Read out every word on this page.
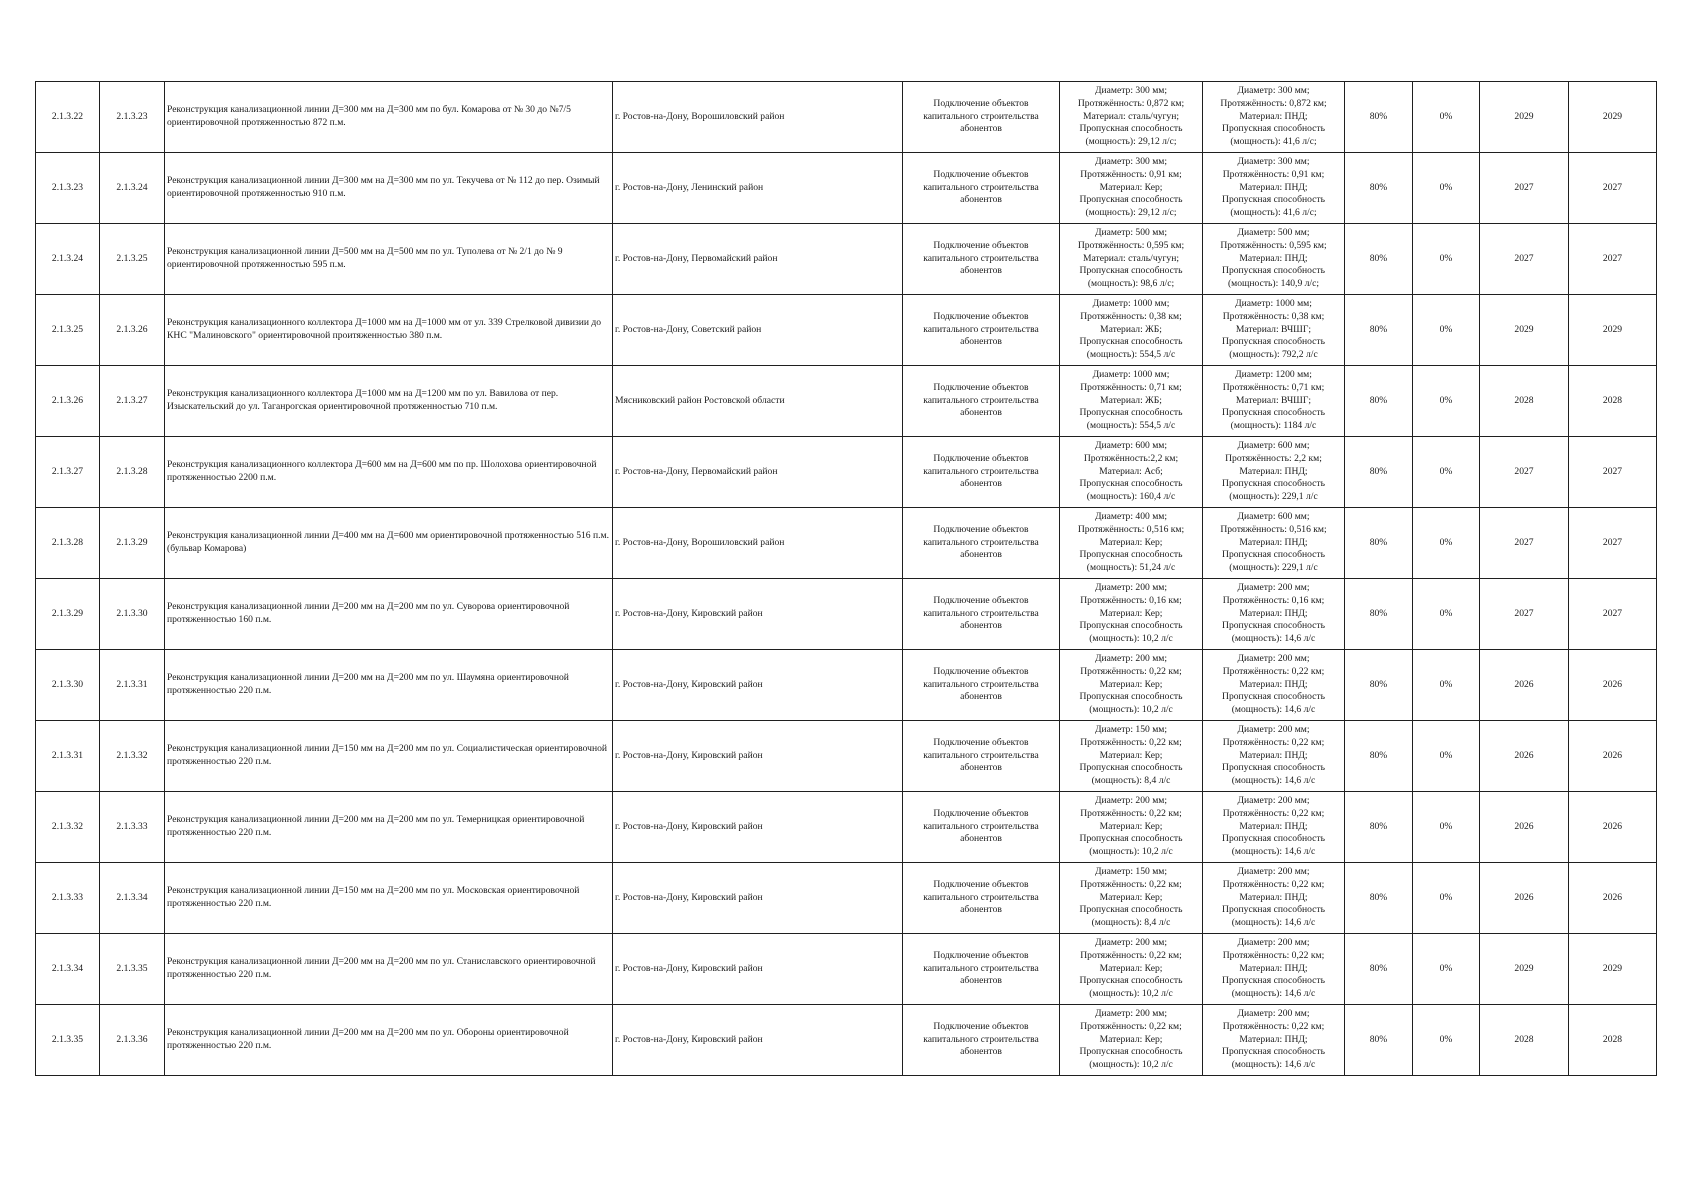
2.1.3.22	2.1.3.23	Реконструкция канализационной линии Д=300 мм на Д=300 мм по бул. Комарова от № 30 до №7/5 ориентировочной протяженностью 872 п.м.	г. Ростов-на-Дону, Ворошиловский район	Подключение объектов
капитального строительства
абонентов	Диаметр: 300 мм;
Протяжённость: 0,872 км;
Материал: сталь/чугун;
Пропускная способность
(мощность): 29,12 л/с;	Диаметр: 300 мм;
Протяжённость: 0,872 км;
Материал: ПНД;
Пропускная способность
(мощность): 41,6 л/с;	80%	0%	2029	2029
2.1.3.23	2.1.3.24	Реконструкция канализационной линии Д=300 мм на Д=300 мм по ул. Текучева от № 112 до пер. Озимый ориентировочной протяженностью 910 п.м.	г. Ростов-на-Дону, Ленинский район	Подключение объектов
капитального строительства
абонентов	Диаметр: 300 мм;
Протяжённость: 0,91 км;
Материал: Кер;
Пропускная способность
(мощность): 29,12 л/с;	Диаметр: 300 мм;
Протяжённость: 0,91 км;
Материал: ПНД;
Пропускная способность
(мощность): 41,6 л/с;	80%	0%	2027	2027
2.1.3.24	2.1.3.25	Реконструкция канализационной линии Д=500 мм на Д=500 мм по ул. Туполева от № 2/1 до № 9 ориентировочной протяженностью 595 п.м.	г. Ростов-на-Дону, Первомайский район	Подключение объектов
капитального строительства
абонентов	Диаметр: 500 мм;
Протяжённость: 0,595 км;
Материал: сталь/чугун;
Пропускная способность
(мощность): 98,6 л/с;	Диаметр: 500 мм;
Протяжённость: 0,595 км;
Материал: ПНД;
Пропускная способность
(мощность): 140,9 л/с;	80%	0%	2027	2027
2.1.3.25	2.1.3.26	Реконструкция канализационного коллектора Д=1000 мм на Д=1000 мм от ул. 339 Стрелковой дивизии до КНС "Малиновского" ориентировочной проитяженностью 380 п.м.	г. Ростов-на-Дону, Советский район	Подключение объектов
капитального строительства
абонентов	Диаметр: 1000 мм;
Протяжённость: 0,38 км;
Материал: ЖБ;
Пропускная способность
(мощность): 554,5 л/с	Диаметр: 1000 мм;
Протяжённость: 0,38 км;
Материал: ВЧШГ;
Пропускная способность
(мощность): 792,2 л/с	80%	0%	2029	2029
2.1.3.26	2.1.3.27	Реконструкция канализационного коллектора Д=1000 мм на Д=1200 мм по ул. Вавилова от пер. Изыскательский до ул. Таганрогская ориентировочной протяженностью 710 п.м.	Мясниковский район Ростовской области	Подключение объектов
капитального строительства
абонентов	Диаметр: 1000 мм;
Протяжённость: 0,71 км;
Материал: ЖБ;
Пропускная способность
(мощность): 554,5 л/с	Диаметр: 1200 мм;
Протяжённость: 0,71 км;
Материал: ВЧШГ;
Пропускная способность
(мощность): 1184 л/с	80%	0%	2028	2028
2.1.3.27	2.1.3.28	Реконструкция канализационного коллектора Д=600 мм на Д=600 мм по пр. Шолохова ориентировочной протяженностью 2200 п.м.	г. Ростов-на-Дону, Первомайский район	Подключение объектов
капитального строительства
абонентов	Диаметр: 600 мм;
Протяжённость:2,2 км;
Материал: Асб;
Пропускная способность
(мощность): 160,4 л/с	Диаметр: 600 мм;
Протяжённость: 2,2 км;
Материал: ПНД;
Пропускная способность
(мощность): 229,1 л/с	80%	0%	2027	2027
2.1.3.28	2.1.3.29	Реконструкция канализационной линии Д=400 мм на Д=600 мм ориентировочной протяженностью 516 п.м. (бульвар Комарова)	г. Ростов-на-Дону, Ворошиловский район	Подключение объектов
капитального строительства
абонентов	Диаметр: 400 мм;
Протяжённость: 0,516 км;
Материал: Кер;
Пропускная способность
(мощность): 51,24 л/с	Диаметр: 600 мм;
Протяжённость: 0,516 км;
Материал: ПНД;
Пропускная способность
(мощность): 229,1 л/с	80%	0%	2027	2027
2.1.3.29	2.1.3.30	Реконструкция канализационной линии Д=200 мм на Д=200 мм по ул. Суворова ориентировочной протяженностью 160 п.м.	г. Ростов-на-Дону, Кировский район	Подключение объектов
капитального строительства
абонентов	Диаметр: 200 мм;
Протяжённость: 0,16 км;
Материал: Кер;
Пропускная способность
(мощность): 10,2 л/с	Диаметр: 200 мм;
Протяжённость: 0,16 км;
Материал: ПНД;
Пропускная способность
(мощность): 14,6 л/с	80%	0%	2027	2027
2.1.3.30	2.1.3.31	Реконструкция канализационной линии Д=200 мм на Д=200 мм по ул. Шаумяна ориентировочной протяженностью 220 п.м.	г. Ростов-на-Дону, Кировский район	Подключение объектов
капитального строительства
абонентов	Диаметр: 200 мм;
Протяжённость: 0,22 км;
Материал: Кер;
Пропускная способность
(мощность): 10,2 л/с	Диаметр: 200 мм;
Протяжённость: 0,22 км;
Материал: ПНД;
Пропускная способность
(мощность): 14,6 л/с	80%	0%	2026	2026
2.1.3.31	2.1.3.32	Реконструкция канализационной линии Д=150 мм на Д=200 мм по ул. Социалистическая ориентировочной протяженностью 220 п.м.	г. Ростов-на-Дону, Кировский район	Подключение объектов
капитального строительства
абонентов	Диаметр: 150 мм;
Протяжённость: 0,22 км;
Материал: Кер;
Пропускная способность
(мощность): 8,4 л/с	Диаметр: 200 мм;
Протяжённость: 0,22 км;
Материал: ПНД;
Пропускная способность
(мощность): 14,6 л/с	80%	0%	2026	2026
2.1.3.32	2.1.3.33	Реконструкция канализационной линии Д=200 мм на Д=200 мм по ул. Темерницкая ориентировочной протяженностью 220 п.м.	г. Ростов-на-Дону, Кировский район	Подключение объектов
капитального строительства
абонентов	Диаметр: 200 мм;
Протяжённость: 0,22 км;
Материал: Кер;
Пропускная способность
(мощность): 10,2 л/с	Диаметр: 200 мм;
Протяжённость: 0,22 км;
Материал: ПНД;
Пропускная способность
(мощность): 14,6 л/с	80%	0%	2026	2026
2.1.3.33	2.1.3.34	Реконструкция канализационной линии Д=150 мм на Д=200 мм по ул. Московская ориентировочной протяженностью 220 п.м.	г. Ростов-на-Дону, Кировский район	Подключение объектов
капитального строительства
абонентов	Диаметр: 150 мм;
Протяжённость: 0,22 км;
Материал: Кер;
Пропускная способность
(мощность): 8,4 л/с	Диаметр: 200 мм;
Протяжённость: 0,22 км;
Материал: ПНД;
Пропускная способность
(мощность): 14,6 л/с	80%	0%	2026	2026
2.1.3.34	2.1.3.35	Реконструкция канализационной линии Д=200 мм на Д=200 мм по ул. Станиславского ориентировочной протяженностью 220 п.м.	г. Ростов-на-Дону, Кировский район	Подключение объектов
капитального строительства
абонентов	Диаметр: 200 мм;
Протяжённость: 0,22 км;
Материал: Кер;
Пропускная способность
(мощность): 10,2 л/с	Диаметр: 200 мм;
Протяжённость: 0,22 км;
Материал: ПНД;
Пропускная способность
(мощность): 14,6 л/с	80%	0%	2029	2029
2.1.3.35	2.1.3.36	Реконструкция канализационной линии Д=200 мм на Д=200 мм по ул. Обороны ориентировочной протяженностью 220 п.м.	г. Ростов-на-Дону, Кировский район	Подключение объектов
капитального строительства
абонентов	Диаметр: 200 мм;
Протяжённость: 0,22 км;
Материал: Кер;
Пропускная способность
(мощность): 10,2 л/с	Диаметр: 200 мм;
Протяжённость: 0,22 км;
Материал: ПНД;
Пропускная способность
(мощность): 14,6 л/с	80%	0%	2028	2028
